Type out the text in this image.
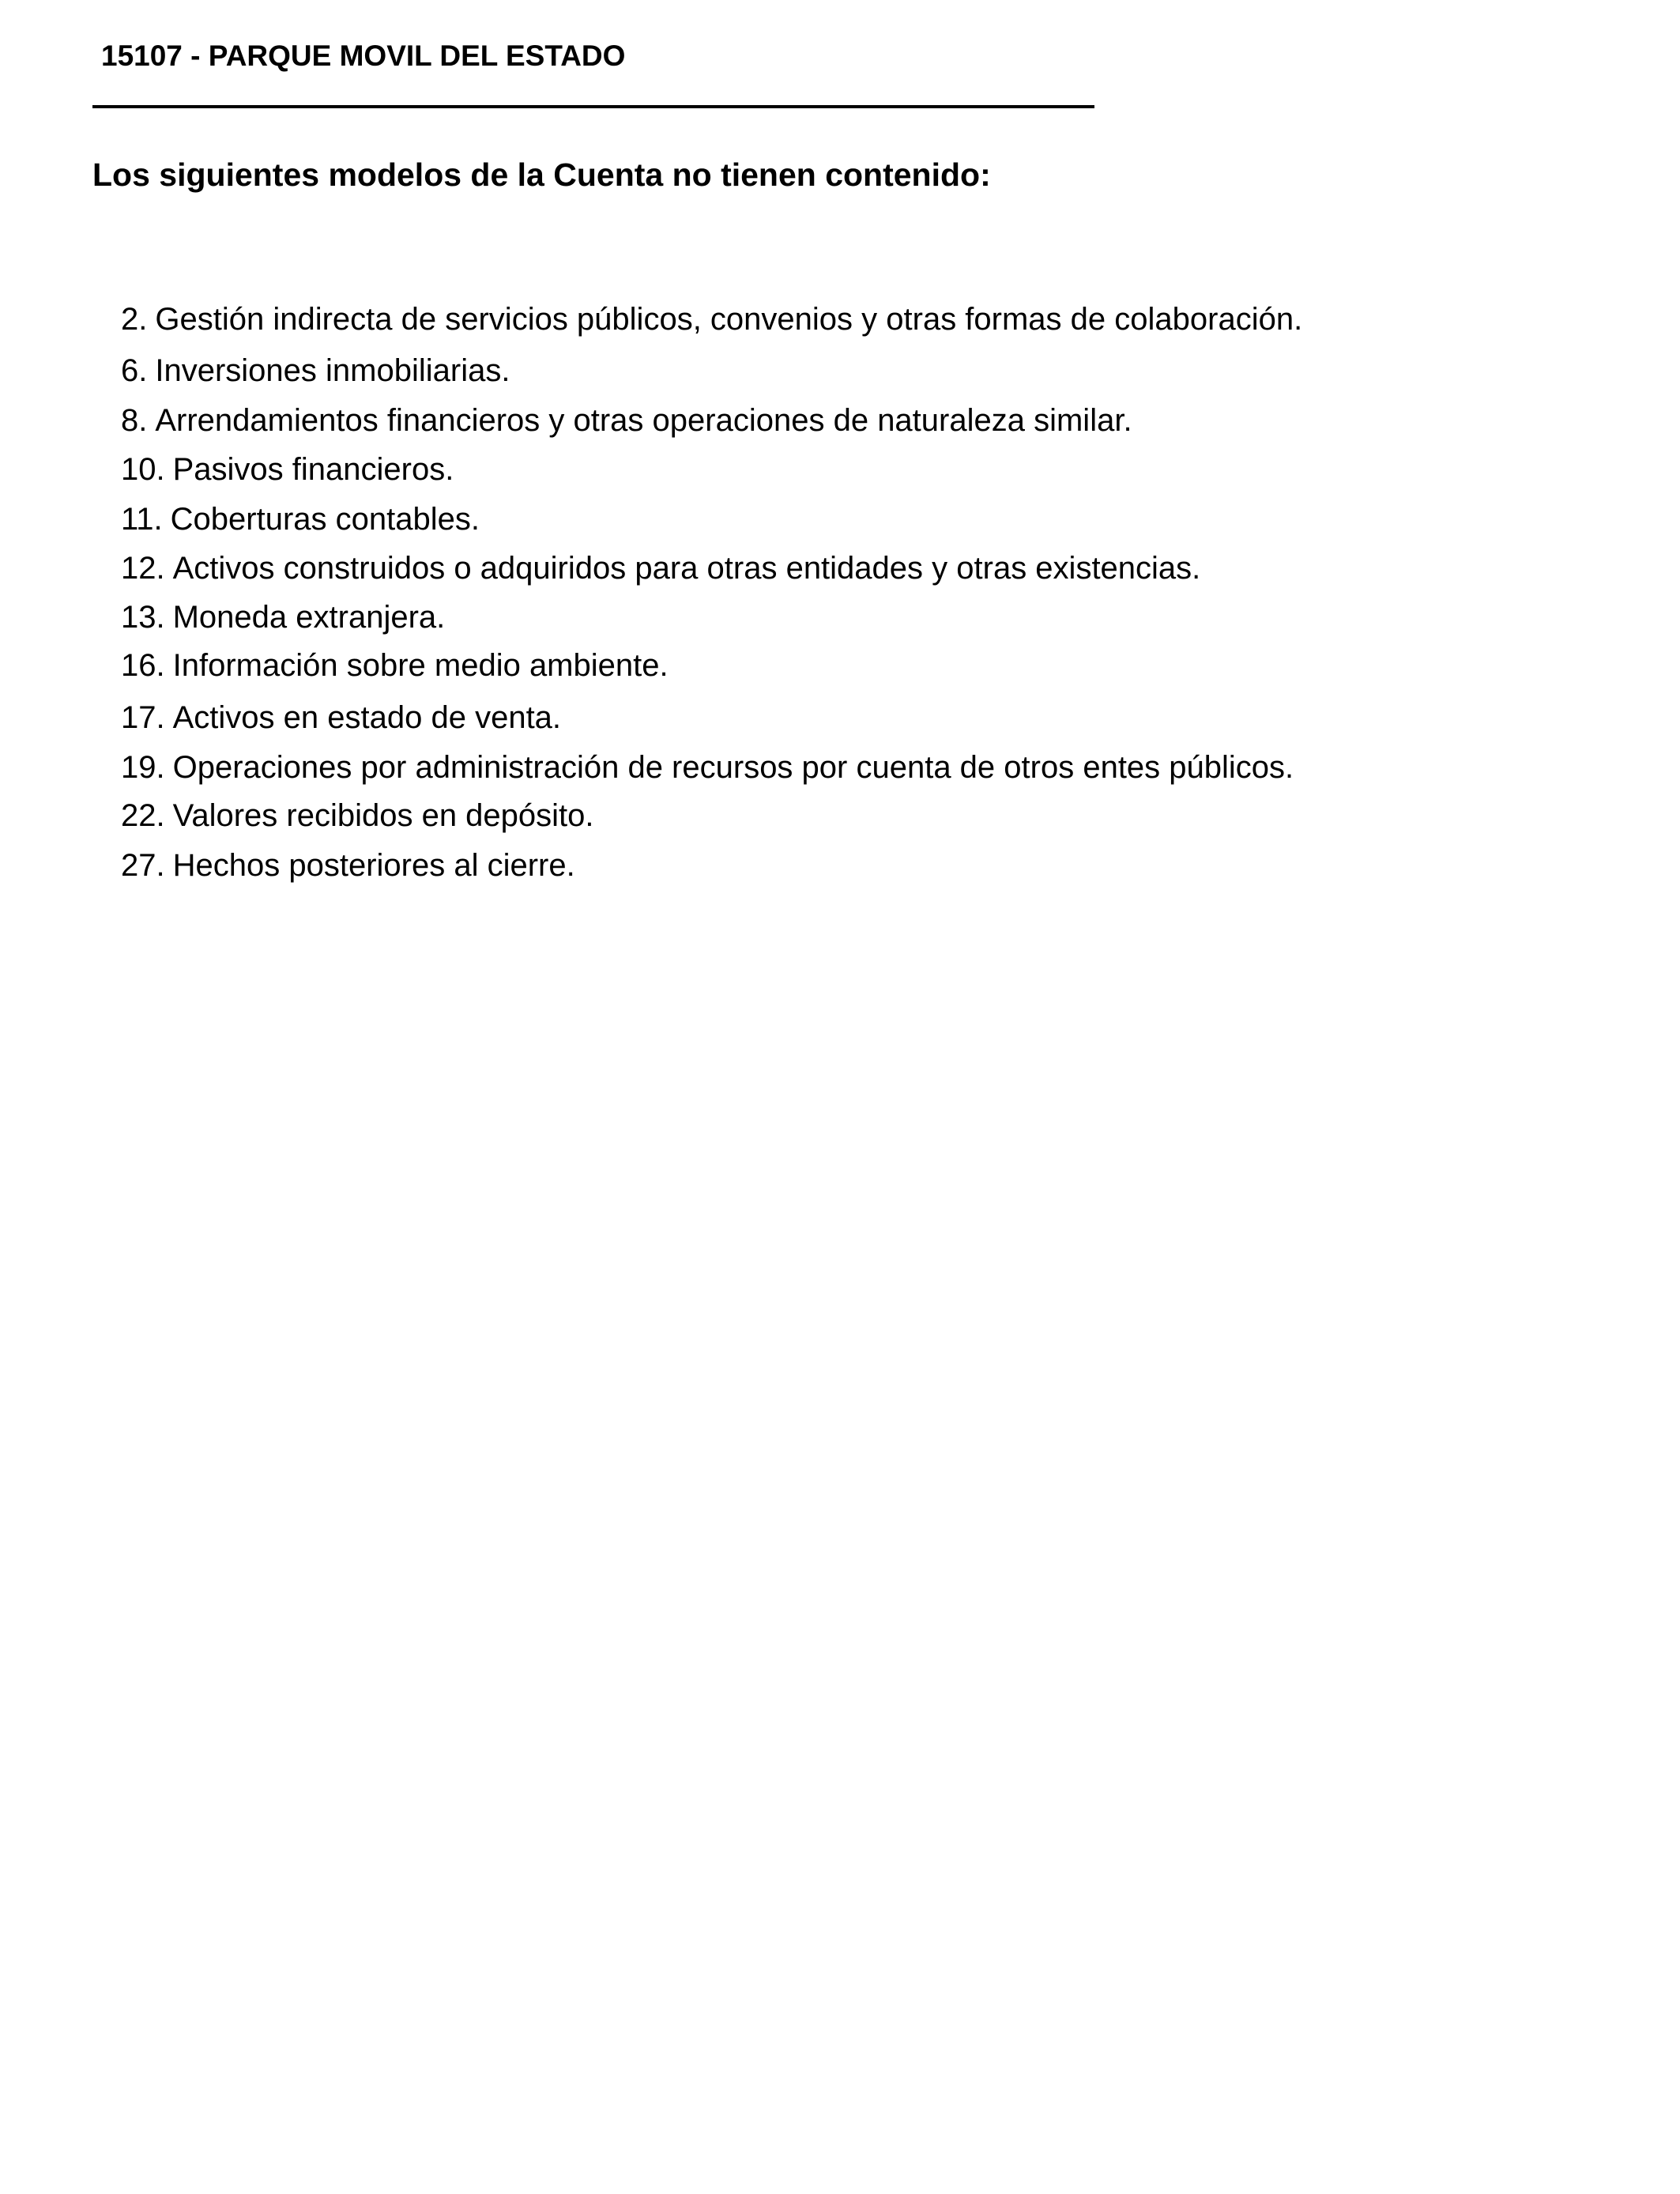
15107 - PARQUE MOVIL DEL ESTADO
Los siguientes modelos de la Cuenta no tienen contenido:
2. Gestión indirecta de servicios públicos, convenios y otras formas de colaboración.
6. Inversiones inmobiliarias.
8. Arrendamientos financieros y otras operaciones de naturaleza similar.
10. Pasivos financieros.
11. Coberturas contables.
12. Activos construidos o adquiridos para otras entidades y otras existencias.
13. Moneda extranjera.
16. Información sobre medio ambiente.
17. Activos en estado de venta.
19. Operaciones por administración de recursos por cuenta de otros entes públicos.
22. Valores recibidos en depósito.
27. Hechos posteriores al cierre.
